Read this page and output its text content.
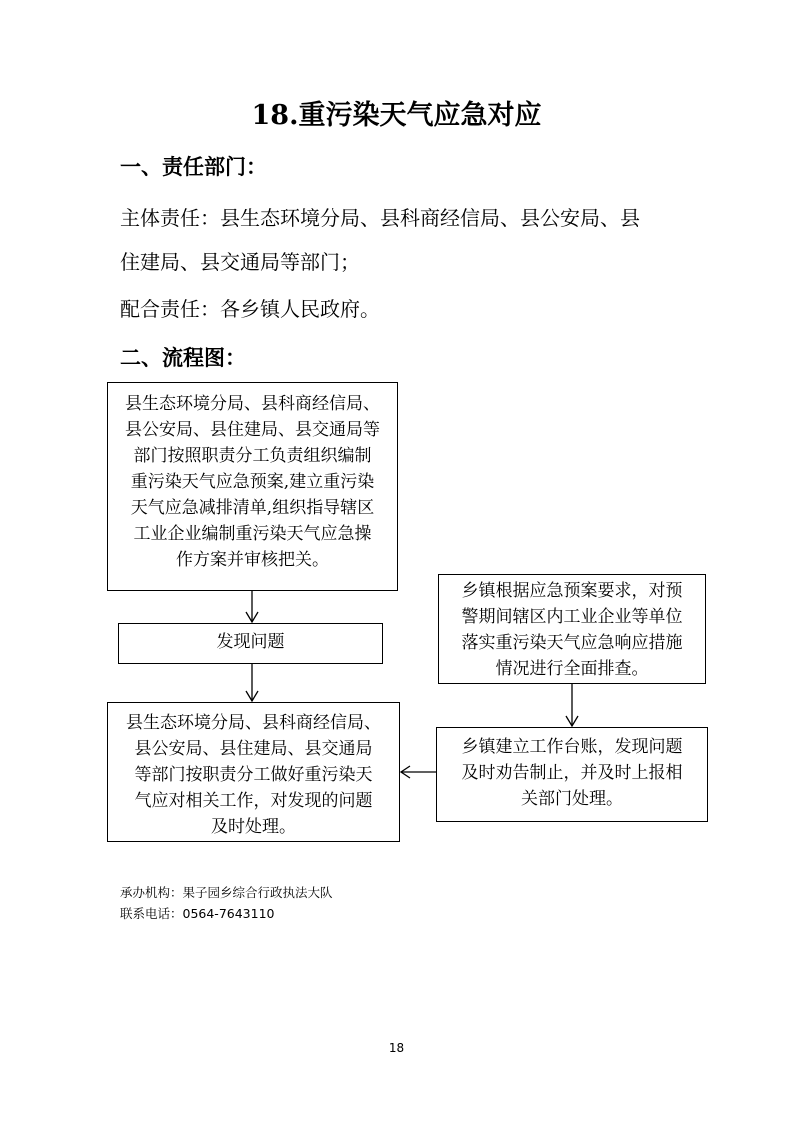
18.重污染天气应急对应
一、责任部门：
主体责任：县生态环境分局、县科商经信局、县公安局、县
住建局、县交通局等部门；
配合责任：各乡镇人民政府。
二、流程图：
县生态环境分局、县科商经信局、
县公安局、县住建局、县交通局等
部门按照职责分工负责组织编制
重污染天气应急预案,建立重污染
天气应急减排清单,组织指导辖区
工业企业编制重污染天气应急操
作方案并审核把关。
发现问题
县生态环境分局、县科商经信局、
县公安局、县住建局、县交通局
等部门按职责分工做好重污染天
气应对相关工作，对发现的问题
及时处理。
乡镇根据应急预案要求，对预
警期间辖区内工业企业等单位
落实重污染天气应急响应措施
情况进行全面排查。
乡镇建立工作台账，发现问题
及时劝告制止，并及时上报相
关部门处理。
承办机构：果子园乡综合行政执法大队
联系电话：0564-7643110
18
